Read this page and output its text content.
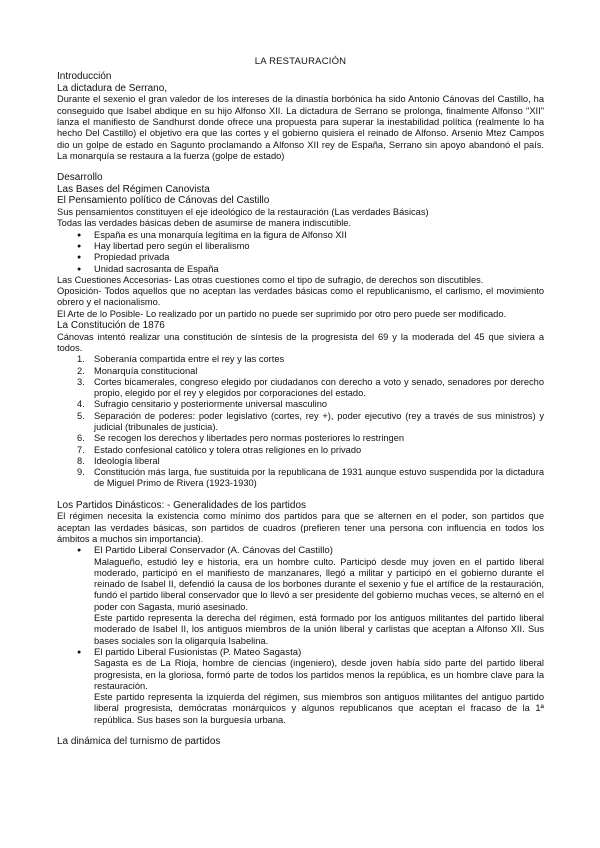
LA RESTAURACIÓN
Introducción
La dictadura de Serrano,
Durante el sexenio el gran valedor de los intereses de la dinastía borbónica ha sido Antonio Cánovas del Castillo, ha conseguido que Isabel abdique en su hijo Alfonso XII. La dictadura de Serrano se prolonga, finalmente Alfonso "XII" lanza el manifiesto de Sandhurst donde ofrece una propuesta para superar la inestabilidad política (realmente lo ha hecho Del Castillo) el objetivo era que las cortes y el gobierno quisiera el reinado de Alfonso. Arsenio Mtez Campos dio un golpe de estado en Sagunto proclamando a Alfonso XII rey de España, Serrano sin apoyo abandonó el país. La monarquía se restaura a la fuerza (golpe de estado)
Desarrollo
Las Bases del Régimen Canovista
El Pensamiento político de Cánovas del Castillo
Sus pensamientos constituyen el eje ideológico de la restauración (Las verdades Básicas)
Todas las verdades básicas deben de asumirse de manera indiscutible.
● España es una monarquía legítima en la figura de Alfonso XII
● Hay libertad pero según el liberalismo
● Propiedad privada
● Unidad sacrosanta de España
Las Cuestiones Accesorias- Las otras cuestiones como el tipo de sufragio, de derechos son discutibles.
Oposición- Todos aquellos que no aceptan las verdades básicas como el republicanismo, el carlismo, el movimiento obrero y el nacionalismo.
El Arte de lo Posible- Lo realizado por un partido no puede ser suprimido por otro pero puede ser modificado.
La Constitución de 1876
Cánovas intentó realizar una constitución de síntesis de la progresista del 69 y la moderada del 45 que siviera a todos.
1. Soberanía compartida entre el rey y las cortes
2. Monarquía constitucional
3. Cortes bicamerales, congreso elegido por ciudadanos con derecho a voto y senado, senadores por derecho propio, elegido por el rey y elegidos por corporaciones del estado.
4. Sufragio censitario y posteriormente universal masculino
5. Separación de poderes: poder legislativo (cortes, rey +), poder ejecutivo (rey a través de sus ministros) y judicial (tribunales de justicia).
6. Se recogen los derechos y libertades pero normas posteriores lo restringen
7. Estado confesional católico y tolera otras religiones en lo privado
8. Ideología liberal
9. Constitución más larga, fue sustituida por la republicana de 1931 aunque estuvo suspendida por la dictadura de Miguel Primo de Rivera (1923-1930)
Los Partidos Dinásticos: - Generalidades de los partidos
El régimen necesita la existencia como mínimo dos partidos para que se alternen en el poder, son partidos que aceptan las verdades básicas, son partidos de cuadros (prefieren tener una persona con influencia en todos los ámbitos a muchos sin importancia).
● El Partido Liberal Conservador (A. Cánovas del Castillo)
Malagueño, estudió ley e historia, era un hombre culto. Participó desde muy joven en el partido liberal moderado, participó en el manifiesto de manzanares, llegó a militar y participó en el gobierno durante el reinado de Isabel II, defendió la causa de los borbones durante el sexenio y fue el artífice de la restauración, fundó el partido liberal conservador que lo llevó a ser presidente del gobierno muchas veces, se alternó en el poder con Sagasta, murió asesinado.
Este partido representa la derecha del régimen, está formado por los antiguos militantes del partido liberal moderado de Isabel II, los antiguos miembros de la unión liberal y carlistas que aceptan a Alfonso XII. Sus bases sociales son la oligarquía Isabelina.
● El partido Liberal Fusionistas (P. Mateo Sagasta)
Sagasta es de La Rioja, hombre de ciencias (ingeniero), desde joven había sido parte del partido liberal progresista, en la gloriosa, formó parte de todos los partidos menos la república, es un hombre clave para la restauración.
Este partido representa la izquierda del régimen, sus miembros son antiguos militantes del antiguo partido liberal progresista, demócratas monárquicos y algunos republicanos que aceptan el fracaso de la 1ª república. Sus bases son la burguesía urbana.
La dinámica del turnismo de partidos
